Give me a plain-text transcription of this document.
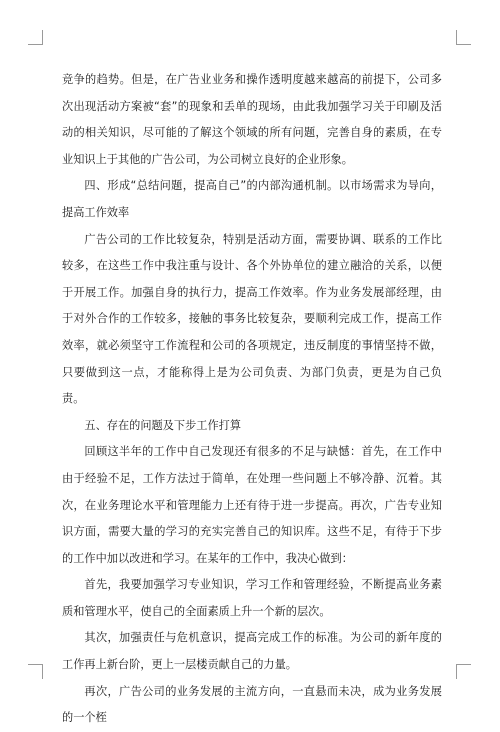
竞争的趋势。但是，在广告业业务和操作透明度越来越高的前提下，公司多次出现活动方案被“套”的现象和丢单的现场，由此我加强学习关于印刷及活动的相关知识，尽可能的了解这个领域的所有问题，完善自身的素质，在专业知识上于其他的广告公司，为公司树立良好的企业形象。

四、形成“总结问题，提高自己”的内部沟通机制。以市场需求为导向，提高工作效率

广告公司的工作比较复杂，特别是活动方面，需要协调、联系的工作比较多，在这些工作中我注重与设计、各个外协单位的建立融洽的关系，以便于开展工作。加强自身的执行力，提高工作效率。作为业务发展部经理，由于对外合作的工作较多，接触的事务比较复杂，要顺利完成工作，提高工作效率，就必须坚守工作流程和公司的各项规定，违反制度的事情坚持不做，只要做到这一点，才能称得上是为公司负责、为部门负责，更是为自己负责。

五、存在的问题及下步工作打算

回顾这半年的工作中自己发现还有很多的不足与缺憾：首先，在工作中由于经验不足，工作方法过于简单，在处理一些问题上不够冷静、沉着。其次，在业务理论水平和管理能力上还有待于进一步提高。再次，广告专业知识方面，需要大量的学习的充实完善自己的知识库。这些不足，有待于下步的工作中加以改进和学习。在某年的工作中，我决心做到：

首先，我要加强学习专业知识，学习工作和管理经验，不断提高业务素质和管理水平，使自己的全面素质上升一个新的层次。

其次，加强责任与危机意识，提高完成工作的标准。为公司的新年度的工作再上新台阶，更上一层楼贡献自己的力量。

再次，广告公司的业务发展的主流方向，一直悬而未决，成为业务发展的一个桎
